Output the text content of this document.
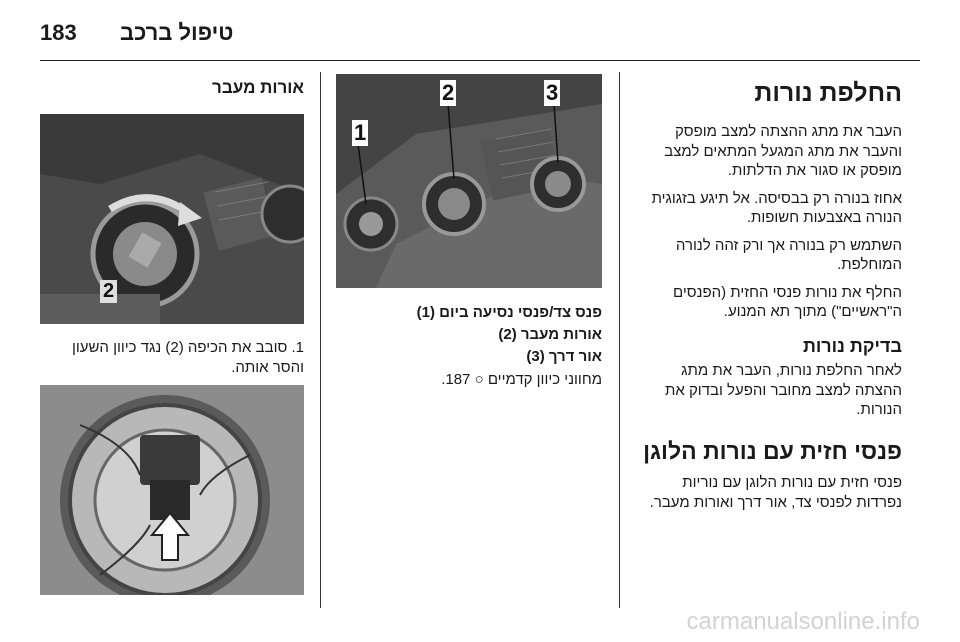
183 טיפול ברכב
החלפת נורות

העבר את מתג ההצתה למצב מופסק והעבר את מתג המגעל המתאים למצב מופסק או סגור את הדלתות.

אחוז בנורה רק בבסיסה. אל תיגע בזגוגית הנורה באצבעות חשופות.

השתמש רק בנורה אך ורק זהה לנורה המוחלפת.

החלף את נורות פנסי החזית (הפנסים ה"ראשיים") מתוך תא המנוע.

בדיקת נורות

לאחר החלפת נורות, העבר את מתג ההצתה למצב מחובר והפעל ובדוק את הנורות.

פנסי חזית עם נורות הלוגן

פנסי חזית עם נורות הלוגן עם נוריות נפרדות לפנסי צד, אור דרך ואורות מעבר.

1
2	3

פנס צד/פנסי נסיעה ביום (1)

אורות מעבר (2)

אור דרך (3)

מחווני כיוון קדמיים ○ 187.

אורות מעבר
2

1. סובב את הכיפה (2) נגד כיוון השעון והסר אותה.

carmanualsonline.info
